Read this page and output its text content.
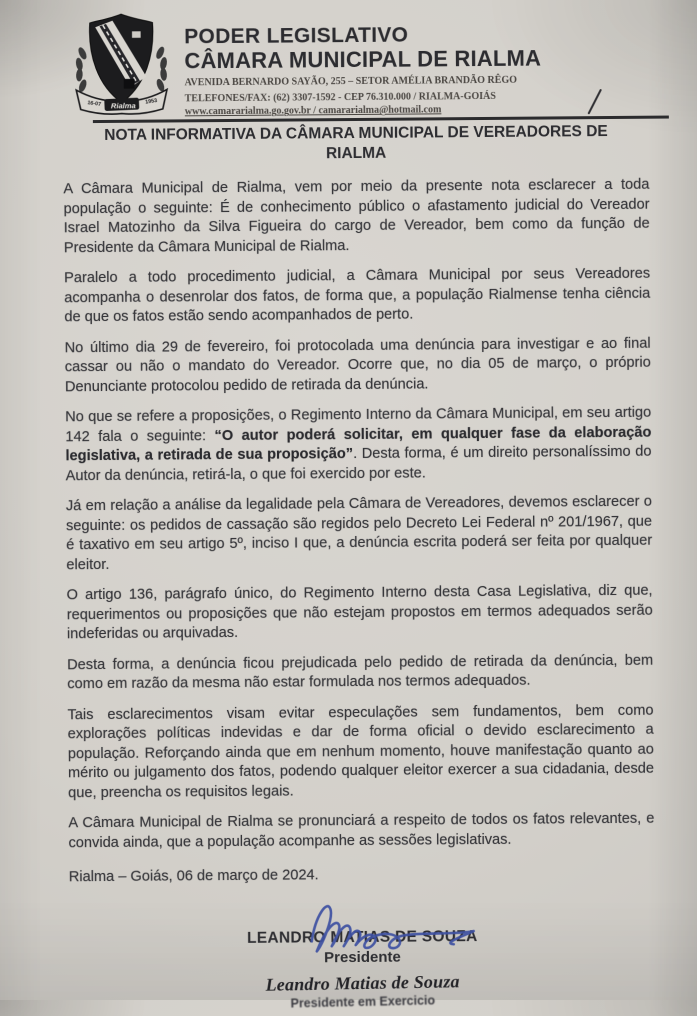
16-07 Rialma 1953
PODER LEGISLATIVO
CÂMARA MUNICIPAL DE RIALMA
AVENIDA BERNARDO SAYÃO, 255 – SETOR AMÉLIA BRANDÃO RÊGO
TELEFONES/FAX: (62) 3307-1592 - CEP 76.310.000 / RIALMA-GOIÁS
www.camararialma.go.gov.br / camararialma@hotmail.com
NOTA INFORMATIVA DA CÂMARA MUNICIPAL DE VEREADORES DE RIALMA

A Câmara Municipal de Rialma, vem por meio da presente nota esclarecer a toda população o seguinte: É de conhecimento público o afastamento judicial do Vereador Israel Matozinho da Silva Figueira do cargo de Vereador, bem como da função de Presidente da Câmara Municipal de Rialma.

Paralelo a todo procedimento judicial, a Câmara Municipal por seus Vereadores acompanha o desenrolar dos fatos, de forma que, a população Rialmense tenha ciência de que os fatos estão sendo acompanhados de perto.

No último dia 29 de fevereiro, foi protocolada uma denúncia para investigar e ao final cassar ou não o mandato do Vereador. Ocorre que, no dia 05 de março, o próprio Denunciante protocolou pedido de retirada da denúncia.

No que se refere a proposições, o Regimento Interno da Câmara Municipal, em seu artigo 142 fala o seguinte: “O autor poderá solicitar, em qualquer fase da elaboração legislativa, a retirada de sua proposição”. Desta forma, é um direito personalíssimo do Autor da denúncia, retirá-la, o que foi exercido por este.

Já em relação a análise da legalidade pela Câmara de Vereadores, devemos esclarecer o seguinte: os pedidos de cassação são regidos pelo Decreto Lei Federal nº 201/1967, que é taxativo em seu artigo 5º, inciso I que, a denúncia escrita poderá ser feita por qualquer eleitor.

O artigo 136, parágrafo único, do Regimento Interno desta Casa Legislativa, diz que, requerimentos ou proposições que não estejam propostos em termos adequados serão indeferidas ou arquivadas.

Desta forma, a denúncia ficou prejudicada pelo pedido de retirada da denúncia, bem como em razão da mesma não estar formulada nos termos adequados.

Tais esclarecimentos visam evitar especulações sem fundamentos, bem como explorações políticas indevidas e dar de forma oficial o devido esclarecimento a população. Reforçando ainda que em nenhum momento, houve manifestação quanto ao mérito ou julgamento dos fatos, podendo qualquer eleitor exercer a sua cidadania, desde que, preencha os requisitos legais.

A Câmara Municipal de Rialma se pronunciará a respeito de todos os fatos relevantes, e convida ainda, que a população acompanhe as sessões legislativas.

Rialma – Goiás, 06 de março de 2024.
LEANDRO MATIAS DE SOUZA
Presidente
Leandro Matias de Souza
Presidente em Exercicio
